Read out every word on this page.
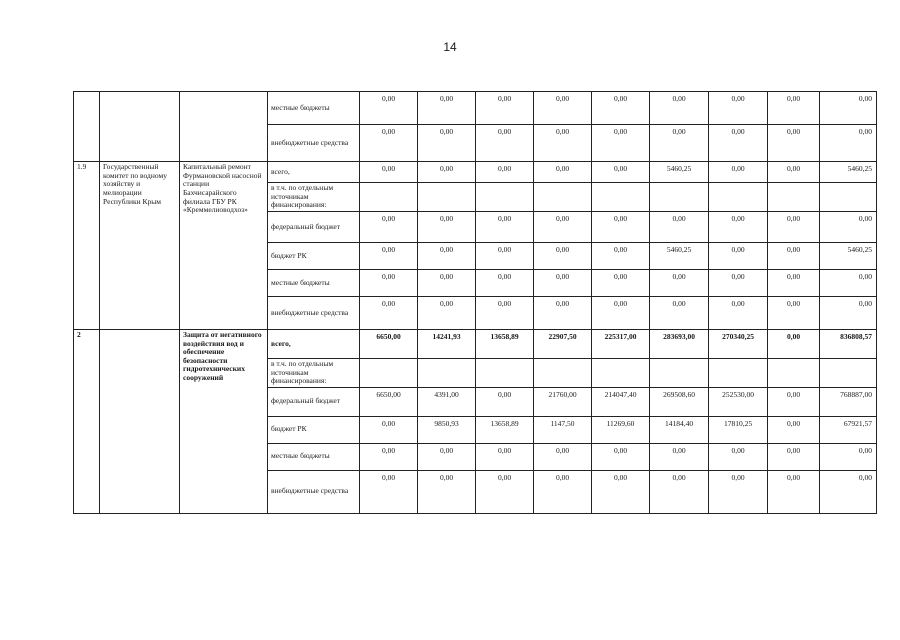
14
			местные бюджеты	0,00	0,00	0,00	0,00	0,00	0,00	0,00	0,00	0,00
			внебюджетные средства	0,00	0,00	0,00	0,00	0,00	0,00	0,00	0,00	0,00
1.9	Государственный комитет по водному хозяйству и мелиорации Республики Крым	Капитальный ремонт Фурмановской насосной станции Бахчисарайского филиала ГБУ РК «Креммелиоводхоз»	всего,	0,00	0,00	0,00	0,00	0,00	5460,25	0,00	0,00	5460,25
			в т.ч. по отдельным источникам финансирования:									
			федеральный бюджет	0,00	0,00	0,00	0,00	0,00	0,00	0,00	0,00	0,00
			бюджет РК	0,00	0,00	0,00	0,00	0,00	5460,25	0,00	0,00	5460,25
			местные бюджеты	0,00	0,00	0,00	0,00	0,00	0,00	0,00	0,00	0,00
			внебюджетные средства	0,00	0,00	0,00	0,00	0,00	0,00	0,00	0,00	0,00
2		Защита от негативного воздействия вод и обеспечение безопасности гидротехнических сооружений	всего,	6650,00	14241,93	13658,89	22907,50	225317,00	283693,00	270340,25	0,00	836808,57
			в т.ч. по отдельным источникам финансирования:									
			федеральный бюджет	6650,00	4391,00	0,00	21760,00	214047,40	269508,60	252530,00	0,00	768887,00
			бюджет РК	0,00	9850,93	13658,89	1147,50	11269,60	14184,40	17810,25	0,00	67921,57
			местные бюджеты	0,00	0,00	0,00	0,00	0,00	0,00	0,00	0,00	0,00
			внебюджетные средства	0,00	0,00	0,00	0,00	0,00	0,00	0,00	0,00	0,00
